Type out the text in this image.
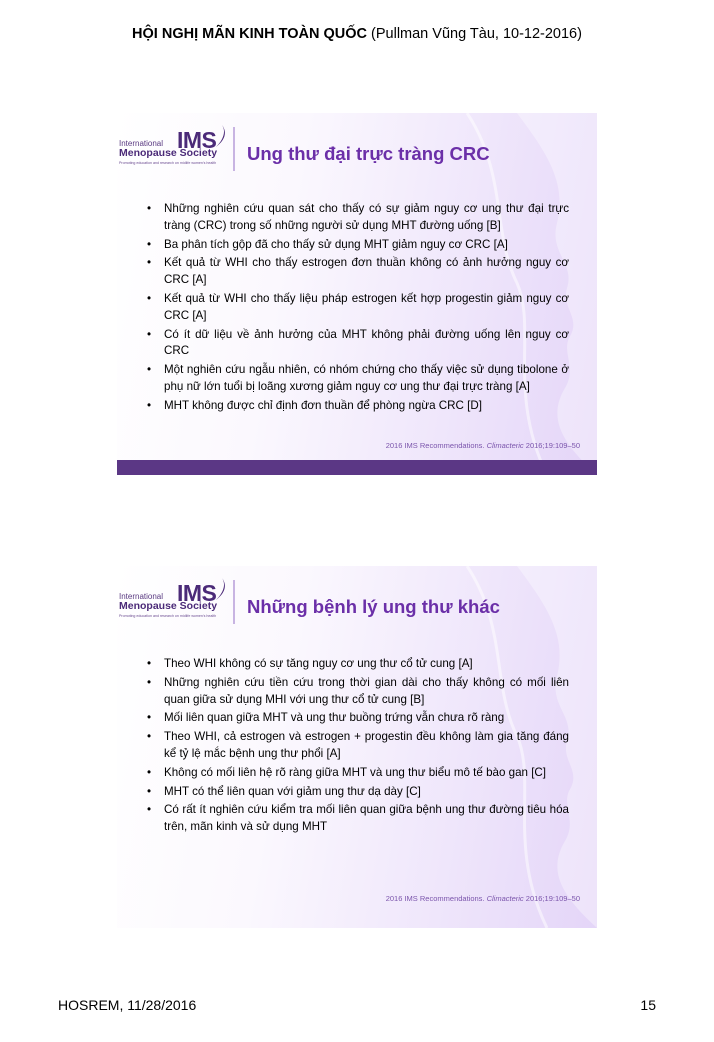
HỘI NGHỊ MÃN KINH TOÀN QUỐC (Pullman Vũng Tàu, 10-12-2016)
International
Menopause Society
Promoting education and research on midlife women's health
IMS
Ung thư đại trực tràng CRC
• Những nghiên cứu quan sát cho thấy có sự giảm nguy cơ ung thư đại trực tràng (CRC) trong số những người sử dụng MHT đường uống [B]
• Ba phân tích gộp đã cho thấy sử dụng MHT giảm nguy cơ CRC [A]
• Kết quả từ WHI cho thấy estrogen đơn thuần không có ảnh hưởng nguy cơ CRC [A]
• Kết quả từ WHI cho thấy liệu pháp estrogen kết hợp progestin giảm nguy cơ CRC [A]
• Có ít dữ liệu về ảnh hưởng của MHT không phải đường uống lên nguy cơ CRC
• Một nghiên cứu ngẫu nhiên, có nhóm chứng cho thấy việc sử dụng tibolone ở phụ nữ lớn tuổi bị loãng xương giảm nguy cơ ung thư đại trực tràng [A]
• MHT không được chỉ định đơn thuần để phòng ngừa CRC [D]
2016 IMS Recommendations. Climacteric 2016;19:109–50
International
Menopause Society
Promoting education and research on midlife women's health
IMS
Những bệnh lý ung thư khác
• Theo WHI không có sự tăng nguy cơ ung thư cổ tử cung [A]
• Những nghiên cứu tiền cứu trong thời gian dài cho thấy không có mối liên quan giữa sử dụng MHI với ung thư cổ tử cung [B]
• Mối liên quan giữa MHT và ung thư buồng trứng vẫn chưa rõ ràng
• Theo WHI, cả estrogen và estrogen + progestin đều không làm gia tăng đáng kể tỷ lệ mắc bệnh ung thư phổi [A]
• Không có mối liên hệ rõ ràng giữa MHT và ung thư biểu mô tế bào gan [C]
• MHT có thể liên quan với giảm ung thư dạ dày [C]
• Có rất ít nghiên cứu kiểm tra mối liên quan giữa bệnh ung thư đường tiêu hóa trên, mãn kinh và sử dụng MHT
2016 IMS Recommendations. Climacteric 2016;19:109–50
HOSREM, 11/28/2016	15
